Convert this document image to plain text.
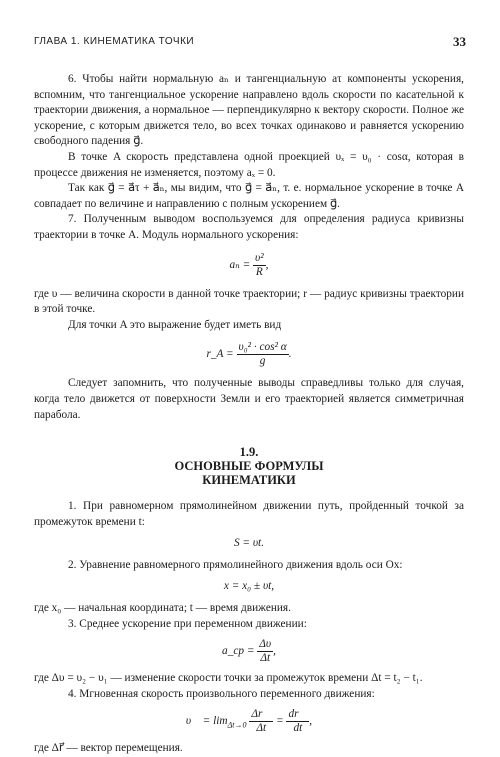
ГЛАВА 1. КИНЕМАТИКА ТОЧКИ	33

6. Чтобы найти нормальную aₙ и тангенциальную aτ компоненты ускорения, вспомним, что тангенциальное ускорение направлено вдоль скорости по касательной к траектории движения, а нормальное — перпендикулярно к вектору скорости. Полное же ускорение, с которым движется тело, во всех точках одинаково и равняется ускорению свободного падения g⃗.

В точке A скорость представлена одной проекцией υₓ = υ₀ · cosα, которая в процессе движения не изменяется, поэтому aₓ = 0.

Так как g⃗ = a⃗τ + a⃗ₙ, мы видим, что g⃗ = a⃗ₙ, т. е. нормальное ускорение в точке A совпадает по величине и направлению с полным ускорением g⃗.

7. Полученным выводом воспользуемся для определения радиуса кривизны траектории в точке A. Модуль нормального ускорения:

$a_n = \frac{\text{υ²}}{R}$ ,

где υ — величина скорости в данной точке траектории; r — радиус кривизны траектории в этой точке.

Для точки A это выражение будет иметь вид

r_A = $\frac{\text{υ₀² · cos² α}}{g}$ .

Следует запомнить, что полученные выводы справедливы только для случая, когда тело движется от поверхности Земли и его траекторией является симметричная парабола.

1.9.
ОСНОВНЫЕ ФОРМУЛЫ
КИНЕМАТИКИ

1. При равномерном прямолинейном движении путь, пройденный точкой за промежуток времени t:

S = υt.

2. Уравнение равномерного прямолинейного движения вдоль оси Ox:

x = x₀ ± υt,

где x₀ — начальная координата; t — время движения.

3. Среднее ускорение при переменном движении:

a_ср = $\frac{\Delta\upsilon}{\Delta t}$ ,

где Δυ = υ₂ − υ₁ — изменение скорости точки за промежуток времени Δt = t₂ − t₁.

4. Мгновенная скорость произвольного переменного движения:

υ⃗ = $\lim_{\Delta t\to 0} \frac{\Delta r⃗}{\Delta t} = \frac{dr⃗}{dt}$ ,

где Δr⃗ — вектор перемещения.
